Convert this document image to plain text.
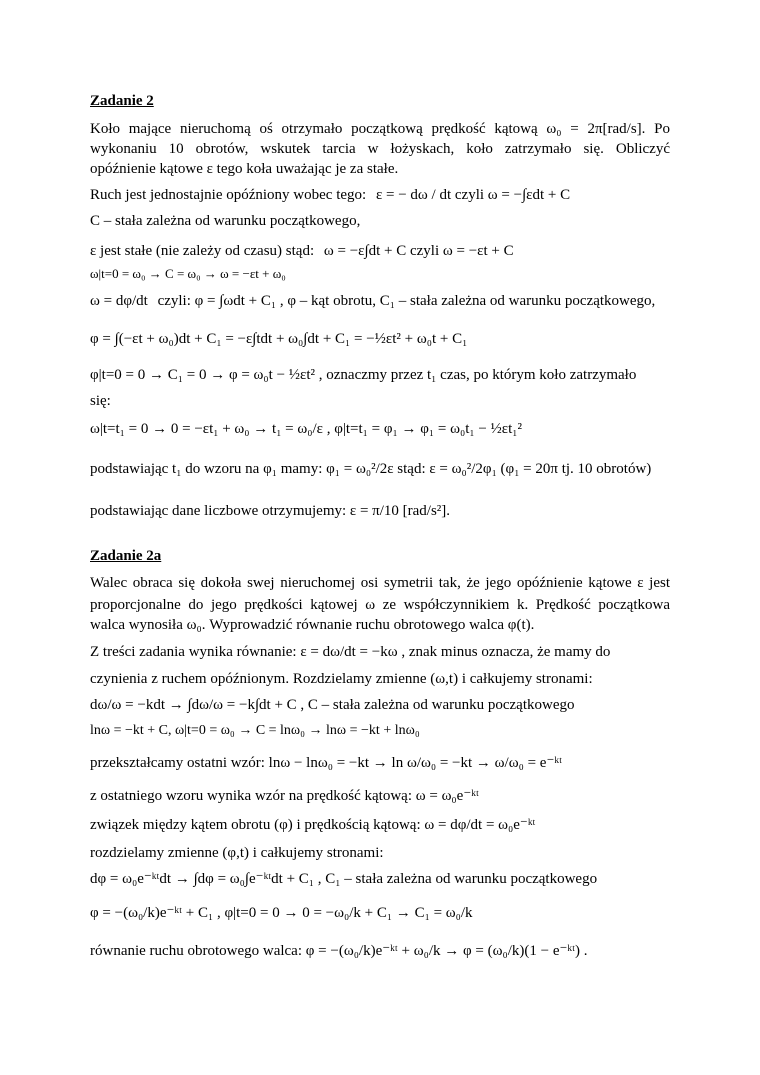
Zadanie 2
Koło mające nieruchomą oś otrzymało początkową prędkość kątową ω₀ = 2π[rad/s]. Po
wykonaniu 10 obrotów, wskutek tarcia w łożyskach, koło zatrzymało się. Obliczyć
opóźnienie kątowe ε tego koła uważając je za stałe.
Ruch jest jednostajnie opóźniony wobec tego: ε = − dω / dt czyli ω = −∫εdt + C
C – stała zależna od warunku początkowego,
ε jest stałe (nie zależy od czasu) stąd: ω = −ε∫dt + C czyli ω = −εt + C
ω|t=0 = ω₀ → C = ω₀ → ω = −εt + ω₀
ω = dφ/dt czyli: φ = ∫ωdt + C₁ , φ – kąt obrotu, C₁ – stała zależna od warunku początkowego,
φ = ∫(−εt + ω₀)dt + C₁ = −ε∫tdt + ω₀∫dt + C₁ = −½εt² + ω₀t + C₁
φ|t=0 = 0 → C₁ = 0 → φ = ω₀t − ½εt² , oznaczmy przez t₁ czas, po którym koło zatrzymało
się:
ω|t=t₁ = 0 → 0 = −εt₁ + ω₀ → t₁ = ω₀/ε , φ|t=t₁ = φ₁ → φ₁ = ω₀t₁ − ½εt₁²
podstawiając t₁ do wzoru na φ₁ mamy: φ₁ = ω₀²/2ε stąd: ε = ω₀²/2φ₁ (φ₁ = 20π tj. 10 obrotów)
podstawiając dane liczbowe otrzymujemy: ε = π/10 [rad/s²].
Zadanie 2a
Walec obraca się dokoła swej nieruchomej osi symetrii tak, że jego opóźnienie kątowe ε jest
proporcjonalne do jego prędkości kątowej ω ze współczynnikiem k. Prędkość początkowa
walca wynosiła ω₀. Wyprowadzić równanie ruchu obrotowego walca φ(t).
Z treści zadania wynika równanie: ε = dω/dt = −kω , znak minus oznacza, że mamy do
czynienia z ruchem opóźnionym. Rozdzielamy zmienne (ω,t) i całkujemy stronami:
dω/ω = −kdt → ∫dω/ω = −k∫dt + C , C – stała zależna od warunku początkowego
lnω = −kt + C, ω|t=0 = ω₀ → C = lnω₀ → lnω = −kt + lnω₀
przekształcamy ostatni wzór: lnω − lnω₀ = −kt → ln ω/ω₀ = −kt → ω/ω₀ = e⁻ᵏᵗ
z ostatniego wzoru wynika wzór na prędkość kątową: ω = ω₀e⁻ᵏᵗ
związek między kątem obrotu (φ) i prędkością kątową: ω = dφ/dt = ω₀e⁻ᵏᵗ
rozdzielamy zmienne (φ,t) i całkujemy stronami:
dφ = ω₀e⁻ᵏᵗdt → ∫dφ = ω₀∫e⁻ᵏᵗdt + C₁ , C₁ – stała zależna od warunku początkowego
φ = −(ω₀/k)e⁻ᵏᵗ + C₁ , φ|t=0 = 0 → 0 = −ω₀/k + C₁ → C₁ = ω₀/k
równanie ruchu obrotowego walca: φ = −(ω₀/k)e⁻ᵏᵗ + ω₀/k → φ = (ω₀/k)(1 − e⁻ᵏᵗ) .
